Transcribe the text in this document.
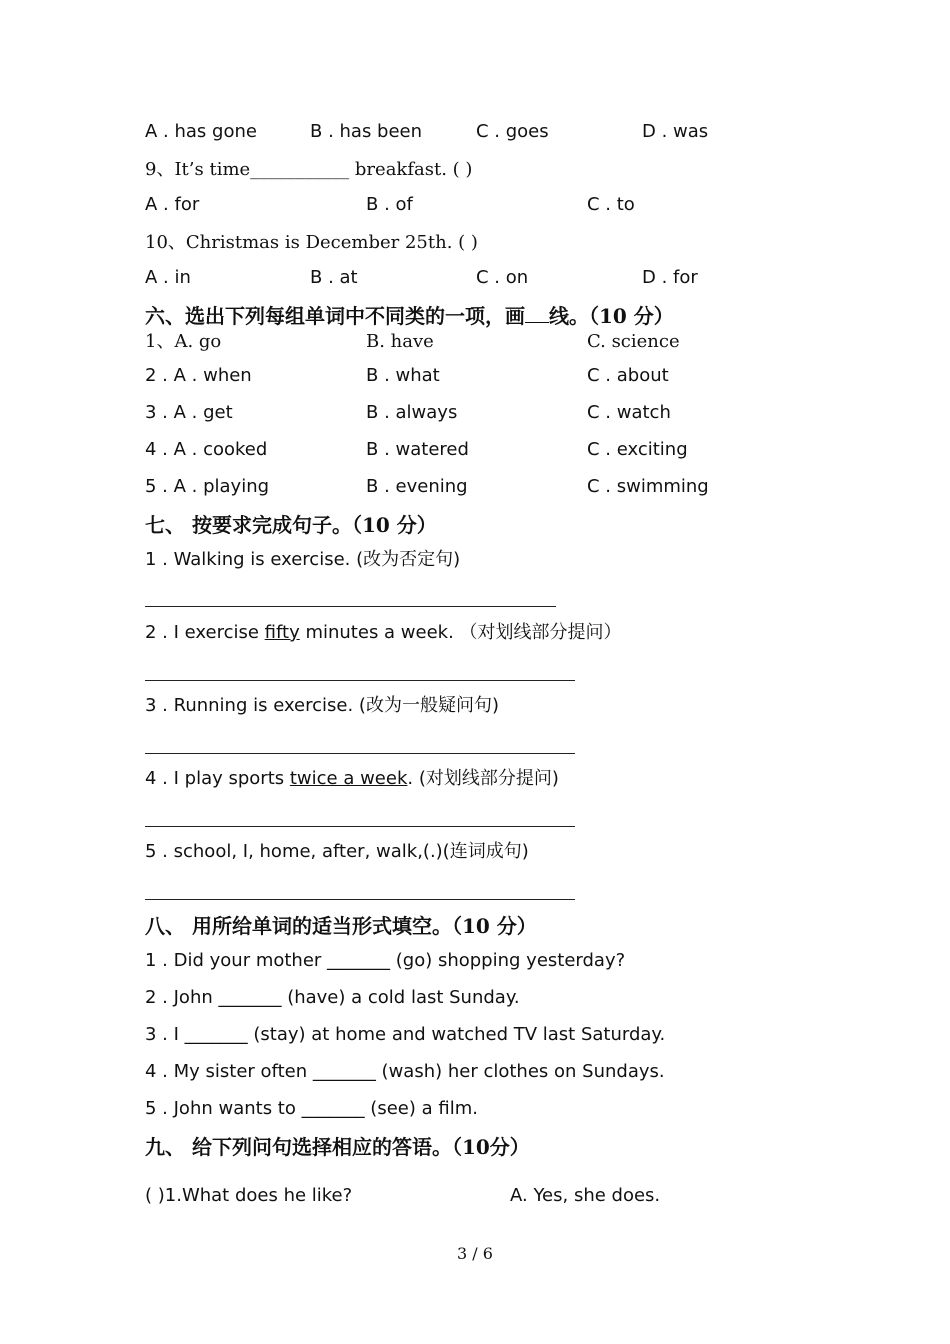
A . has gone	B . has been	C . goes	D . was
9、It’s time___________ breakfast. ( )
A . for	B . of	C . to
10、Christmas is December 25th. ( )
A . in	B . at	C . on	D . for
六、选出下列每组单词中不同类的一项，画 线。（10 分）
1、A. go	B. have	C. science
2 . A . when	B . what	C . about
3 . A . get	B . always	C . watch
4 . A . cooked	B . watered	C . exciting
5 . A . playing	B . evening	C . swimming
七、 按要求完成句子。（10 分）
1 . Walking is exercise. (改为否定句)
2 . I exercise fifty minutes a week. （对划线部分提问）
3 . Running is exercise. (改为一般疑问句)
4 . I play sports twice a week. (对划线部分提问)
5 . school, I, home, after, walk,(.)(连词成句)
八、 用所给单词的适当形式填空。（10 分）
1 . Did your mother _______ (go) shopping yesterday?
2 . John _______ (have) a cold last Sunday.
3 . I _______ (stay) at home and watched TV last Saturday.
4 . My sister often _______ (wash) her clothes on Sundays.
5 . John wants to _______ (see) a film.
九、 给下列问句选择相应的答语。（10分）
( )1.What does he like?	A. Yes, she does.
3 / 6
